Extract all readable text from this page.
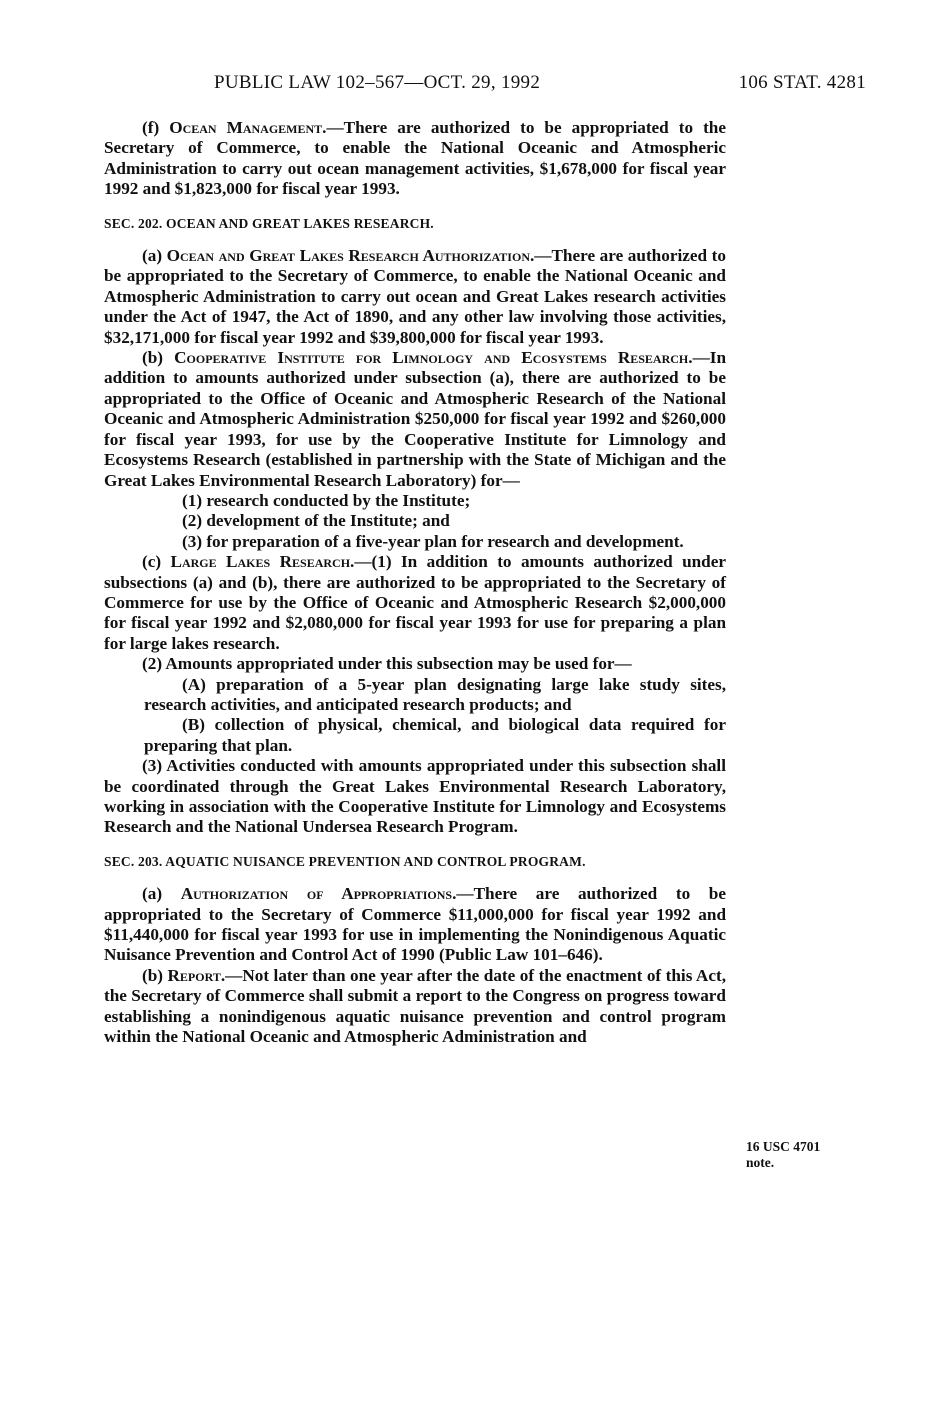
PUBLIC LAW 102–567—OCT. 29, 1992	106 STAT. 4281

(f) Ocean Management.—There are authorized to be appropriated to the Secretary of Commerce, to enable the National Oceanic and Atmospheric Administration to carry out ocean management activities, $1,678,000 for fiscal year 1992 and $1,823,000 for fiscal year 1993.

SEC. 202. OCEAN AND GREAT LAKES RESEARCH.

(a) Ocean and Great Lakes Research Authorization.—There are authorized to be appropriated to the Secretary of Commerce, to enable the National Oceanic and Atmospheric Administration to carry out ocean and Great Lakes research activities under the Act of 1947, the Act of 1890, and any other law involving those activities, $32,171,000 for fiscal year 1992 and $39,800,000 for fiscal year 1993.

(b) Cooperative Institute for Limnology and Ecosystems Research.—In addition to amounts authorized under subsection (a), there are authorized to be appropriated to the Office of Oceanic and Atmospheric Research of the National Oceanic and Atmospheric Administration $250,000 for fiscal year 1992 and $260,000 for fiscal year 1993, for use by the Cooperative Institute for Limnology and Ecosystems Research (established in partnership with the State of Michigan and the Great Lakes Environmental Research Laboratory) for—

(1) research conducted by the Institute;

(2) development of the Institute; and

(3) for preparation of a five-year plan for research and development.

(c) Large Lakes Research.—(1) In addition to amounts authorized under subsections (a) and (b), there are authorized to be appropriated to the Secretary of Commerce for use by the Office of Oceanic and Atmospheric Research $2,000,000 for fiscal year 1992 and $2,080,000 for fiscal year 1993 for use for preparing a plan for large lakes research.

(2) Amounts appropriated under this subsection may be used for—

(A) preparation of a 5-year plan designating large lake study sites, research activities, and anticipated research products; and

(B) collection of physical, chemical, and biological data required for preparing that plan.

(3) Activities conducted with amounts appropriated under this subsection shall be coordinated through the Great Lakes Environmental Research Laboratory, working in association with the Cooperative Institute for Limnology and Ecosystems Research and the National Undersea Research Program.

SEC. 203. AQUATIC NUISANCE PREVENTION AND CONTROL PROGRAM.

(a) Authorization of Appropriations.—There are authorized to be appropriated to the Secretary of Commerce $11,000,000 for fiscal year 1992 and $11,440,000 for fiscal year 1993 for use in implementing the Nonindigenous Aquatic Nuisance Prevention and Control Act of 1990 (Public Law 101–646).

(b) Report.—Not later than one year after the date of the enactment of this Act, the Secretary of Commerce shall submit a report to the Congress on progress toward establishing a nonindigenous aquatic nuisance prevention and control program within the National Oceanic and Atmospheric Administration and

16 USC 4701
note.
